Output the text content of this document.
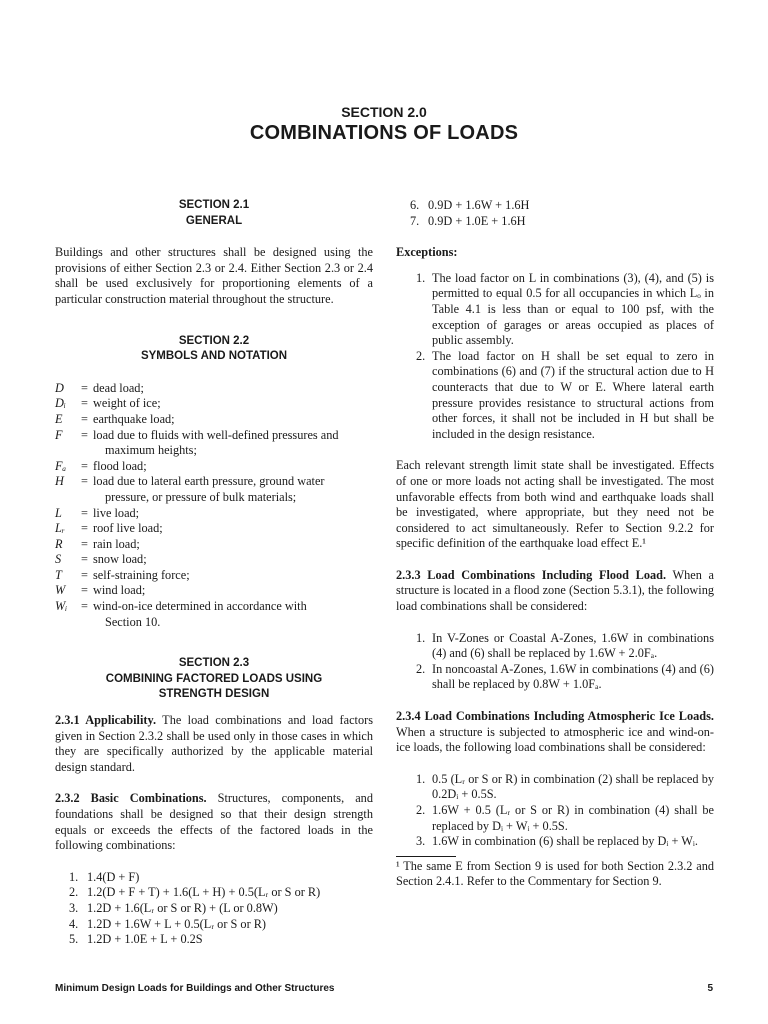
SECTION 2.0
COMBINATIONS OF LOADS
SECTION 2.1
GENERAL

Buildings and other structures shall be designed using the provisions of either Section 2.3 or 2.4. Either Section 2.3 or 2.4 shall be used exclusively for proportioning elements of a particular construction material throughout the structure.

SECTION 2.2
SYMBOLS AND NOTATION
D	= dead load;
Dᵢ	= weight of ice;
E	= earthquake load;
F	= load due to fluids with well-defined pressures and
maximum heights;
Fₐ	= flood load;
H	= load due to lateral earth pressure, ground water
pressure, or pressure of bulk materials;
L	= live load;
Lᵣ	= roof live load;
R	= rain load;
S	= snow load;
T	= self-straining force;
W	= wind load;
Wᵢ	= wind-on-ice determined in accordance with
Section 10.
SECTION 2.3
COMBINING FACTORED LOADS USING
STRENGTH DESIGN

2.3.1 Applicability. The load combinations and load factors given in Section 2.3.2 shall be used only in those cases in which they are specifically authorized by the applicable material design standard.

2.3.2 Basic Combinations. Structures, components, and foundations shall be designed so that their design strength equals or exceeds the effects of the factored loads in the following combinations:

1. 1.4(D + F)
2. 1.2(D + F + T) + 1.6(L + H) + 0.5(Lᵣ or S or R)
3. 1.2D + 1.6(Lᵣ or S or R) + (L or 0.8W)
4. 1.2D + 1.6W + L + 0.5(Lᵣ or S or R)
5. 1.2D + 1.0E + L + 0.2S
6. 0.9D + 1.6W + 1.6H
7. 0.9D + 1.0E + 1.6H
Exceptions:
1. The load factor on L in combinations (3), (4), and (5) is permitted to equal 0.5 for all occupancies in which Lₒ in Table 4.1 is less than or equal to 100 psf, with the exception of garages or areas occupied as places of public assembly.
2. The load factor on H shall be set equal to zero in combinations (6) and (7) if the structural action due to H counteracts that due to W or E. Where lateral earth pressure provides resistance to structural actions from other forces, it shall not be included in H but shall be included in the design resistance.

Each relevant strength limit state shall be investigated. Effects of one or more loads not acting shall be investigated. The most unfavorable effects from both wind and earthquake loads shall be investigated, where appropriate, but they need not be considered to act simultaneously. Refer to Section 9.2.2 for specific definition of the earthquake load effect E.¹

2.3.3 Load Combinations Including Flood Load. When a structure is located in a flood zone (Section 5.3.1), the following load combinations shall be considered:

1. In V-Zones or Coastal A-Zones, 1.6W in combinations (4) and (6) shall be replaced by 1.6W + 2.0Fₐ.
2. In noncoastal A-Zones, 1.6W in combinations (4) and (6) shall be replaced by 0.8W + 1.0Fₐ.

2.3.4 Load Combinations Including Atmospheric Ice Loads. When a structure is subjected to atmospheric ice and wind-on-ice loads, the following load combinations shall be considered:

1. 0.5 (Lᵣ or S or R) in combination (2) shall be replaced by 0.2Dᵢ + 0.5S.
2. 1.6W + 0.5 (Lᵣ or S or R) in combination (4) shall be replaced by Dᵢ + Wᵢ + 0.5S.
3. 1.6W in combination (6) shall be replaced by Dᵢ + Wᵢ.

¹ The same E from Section 9 is used for both Section 2.3.2 and Section 2.4.1. Refer to the Commentary for Section 9.

Minimum Design Loads for Buildings and Other Structures	5
